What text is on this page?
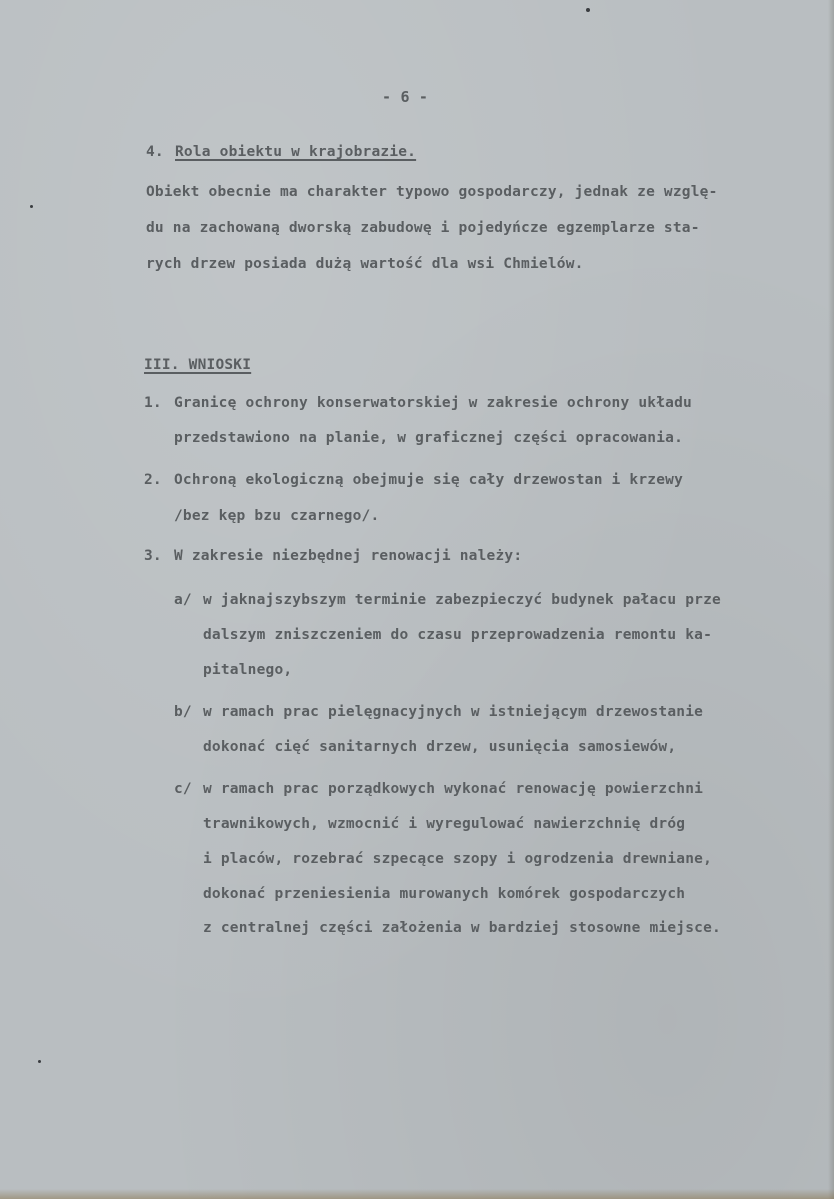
- 6 -
4. Rola obiektu w krajobrazie.
Obiekt obecnie ma charakter typowo gospodarczy, jednak ze wzglę-
du na zachowaną dworską zabudowę i pojedyńcze egzemplarze sta-
rych drzew posiada dużą wartość dla wsi Chmielów.
III. WNIOSKI
1. Granicę ochrony konserwatorskiej w zakresie ochrony układu
przedstawiono na planie, w graficznej części opracowania.
2. Ochroną ekologiczną obejmuje się cały drzewostan i krzewy
/bez kęp bzu czarnego/.
3. W zakresie niezbędnej renowacji należy:
a/ w jaknajszybszym terminie zabezpieczyć budynek pałacu prze
dalszym zniszczeniem do czasu przeprowadzenia remontu ka-
pitalnego,
b/ w ramach prac pielęgnacyjnych w istniejącym drzewostanie
dokonać cięć sanitarnych drzew, usunięcia samosiewów,
c/ w ramach prac porządkowych wykonać renowację powierzchni
trawnikowych, wzmocnić i wyregulować nawierzchnię dróg
i placów, rozebrać szpecące szopy i ogrodzenia drewniane,
dokonać przeniesienia murowanych komórek gospodarczych
z centralnej części założenia w bardziej stosowne miejsce.
